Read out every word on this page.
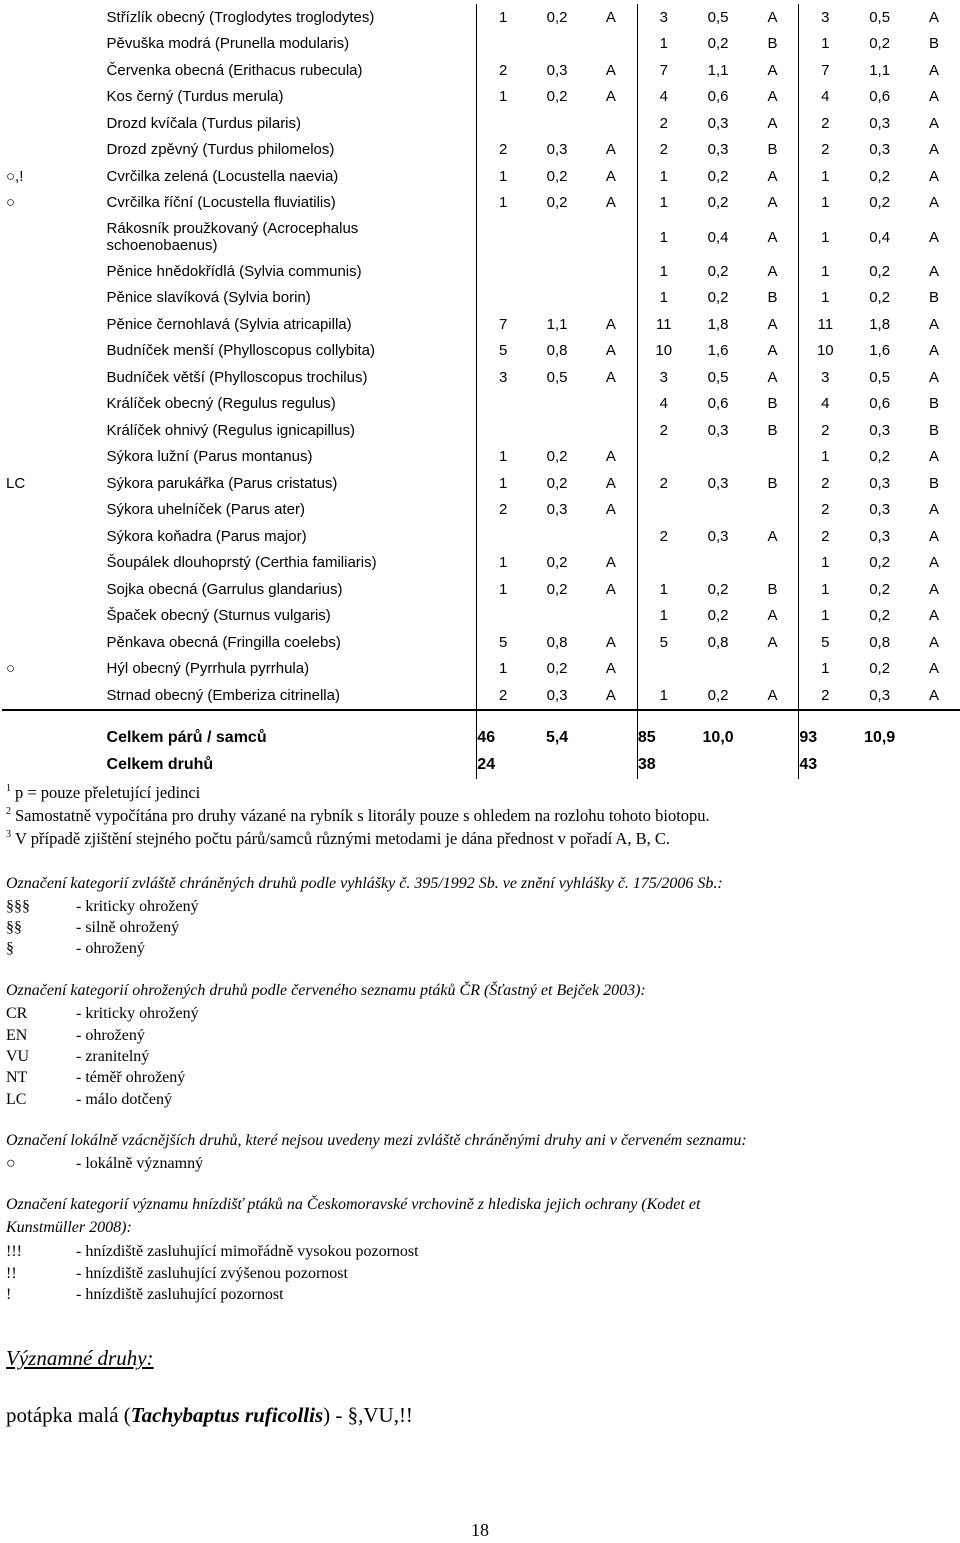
	Střízlík obecný (Troglodytes troglodytes)	1	0,2	A	3	0,5	A	3	0,5	A
	Pěvuška modrá (Prunella modularis)				1	0,2	B	1	0,2	B
	Červenka obecná (Erithacus rubecula)	2	0,3	A	7	1,1	A	7	1,1	A
	Kos černý (Turdus merula)	1	0,2	A	4	0,6	A	4	0,6	A
	Drozd kvíčala (Turdus pilaris)				2	0,3	A	2	0,3	A
	Drozd zpěvný (Turdus philomelos)	2	0,3	A	2	0,3	B	2	0,3	A
○,!	Cvrčilka zelená (Locustella naevia)	1	0,2	A	1	0,2	A	1	0,2	A
○	Cvrčilka říční (Locustella fluviatilis)	1	0,2	A	1	0,2	A	1	0,2	A
	Rákosník proužkovaný (Acrocephalus schoenobaenus)				1	0,4	A	1	0,4	A
	Pěnice hnědokřídlá (Sylvia communis)				1	0,2	A	1	0,2	A
	Pěnice slavíková (Sylvia borin)				1	0,2	B	1	0,2	B
	Pěnice černohlavá (Sylvia atricapilla)	7	1,1	A	11	1,8	A	11	1,8	A
	Budníček menší (Phylloscopus collybita)	5	0,8	A	10	1,6	A	10	1,6	A
	Budníček větší (Phylloscopus trochilus)	3	0,5	A	3	0,5	A	3	0,5	A
	Králíček obecný (Regulus regulus)				4	0,6	B	4	0,6	B
	Králíček ohnivý (Regulus ignicapillus)				2	0,3	B	2	0,3	B
	Sýkora lužní (Parus montanus)	1	0,2	A				1	0,2	A
LC	Sýkora parukářka (Parus cristatus)	1	0,2	A	2	0,3	B	2	0,3	B
	Sýkora uhelníček (Parus ater)	2	0,3	A				2	0,3	A
	Sýkora koňadra (Parus major)				2	0,3	A	2	0,3	A
	Šoupálek dlouhoprstý (Certhia familiaris)	1	0,2	A				1	0,2	A
	Sojka obecná (Garrulus glandarius)	1	0,2	A	1	0,2	B	1	0,2	A
	Špaček obecný (Sturnus vulgaris)				1	0,2	A	1	0,2	A
	Pěnkava obecná (Fringilla coelebs)	5	0,8	A	5	0,8	A	5	0,8	A
○	Hýl obecný (Pyrrhula pyrrhula)	1	0,2	A				1	0,2	A
	Strnad obecný (Emberiza citrinella)	2	0,3	A	1	0,2	A	2	0,3	A

	Celkem párů / samců	46	5,4		85	10,0		93	10,9	
	Celkem druhů	24			38			43		
$^1$ p = pouze přeletující jedinci
$^2$ Samostatně vypočítána pro druhy vázané na rybník s litorály pouze s ohledem na rozlohu tohoto biotopu.
$^3$ V případě zjištění stejného počtu párů/samců různými metodami je dána přednost v pořadí A, B, C.
Označení kategorií zvláště chráněných druhů podle vyhlášky č. 395/1992 Sb. ve znění vyhlášky č. 175/2006 Sb.:
§§§	- kriticky ohrožený
§§	- silně ohrožený
§	- ohrožený
Označení kategorií ohrožených druhů podle červeného seznamu ptáků ČR (Šťastný et Bejček 2003):
CR	- kriticky ohrožený
EN	- ohrožený
VU	- zranitelný
NT	- téměř ohrožený
LC	- málo dotčený
Označení lokálně vzácnějších druhů, které nejsou uvedeny mezi zvláště chráněnými druhy ani v červeném seznamu:
○	- lokálně významný
Označení kategorií významu hnízdišť ptáků na Českomoravské vrchovině z hlediska jejich ochrany (Kodet et
Kunstmüller 2008):
!!!	- hnízdiště zasluhující mimořádně vysokou pozornost
!!	- hnízdiště zasluhující zvýšenou pozornost
!	- hnízdiště zasluhující pozornost
Významné druhy:
potápka malá (Tachybaptus ruficollis) - §,VU,!!
18
